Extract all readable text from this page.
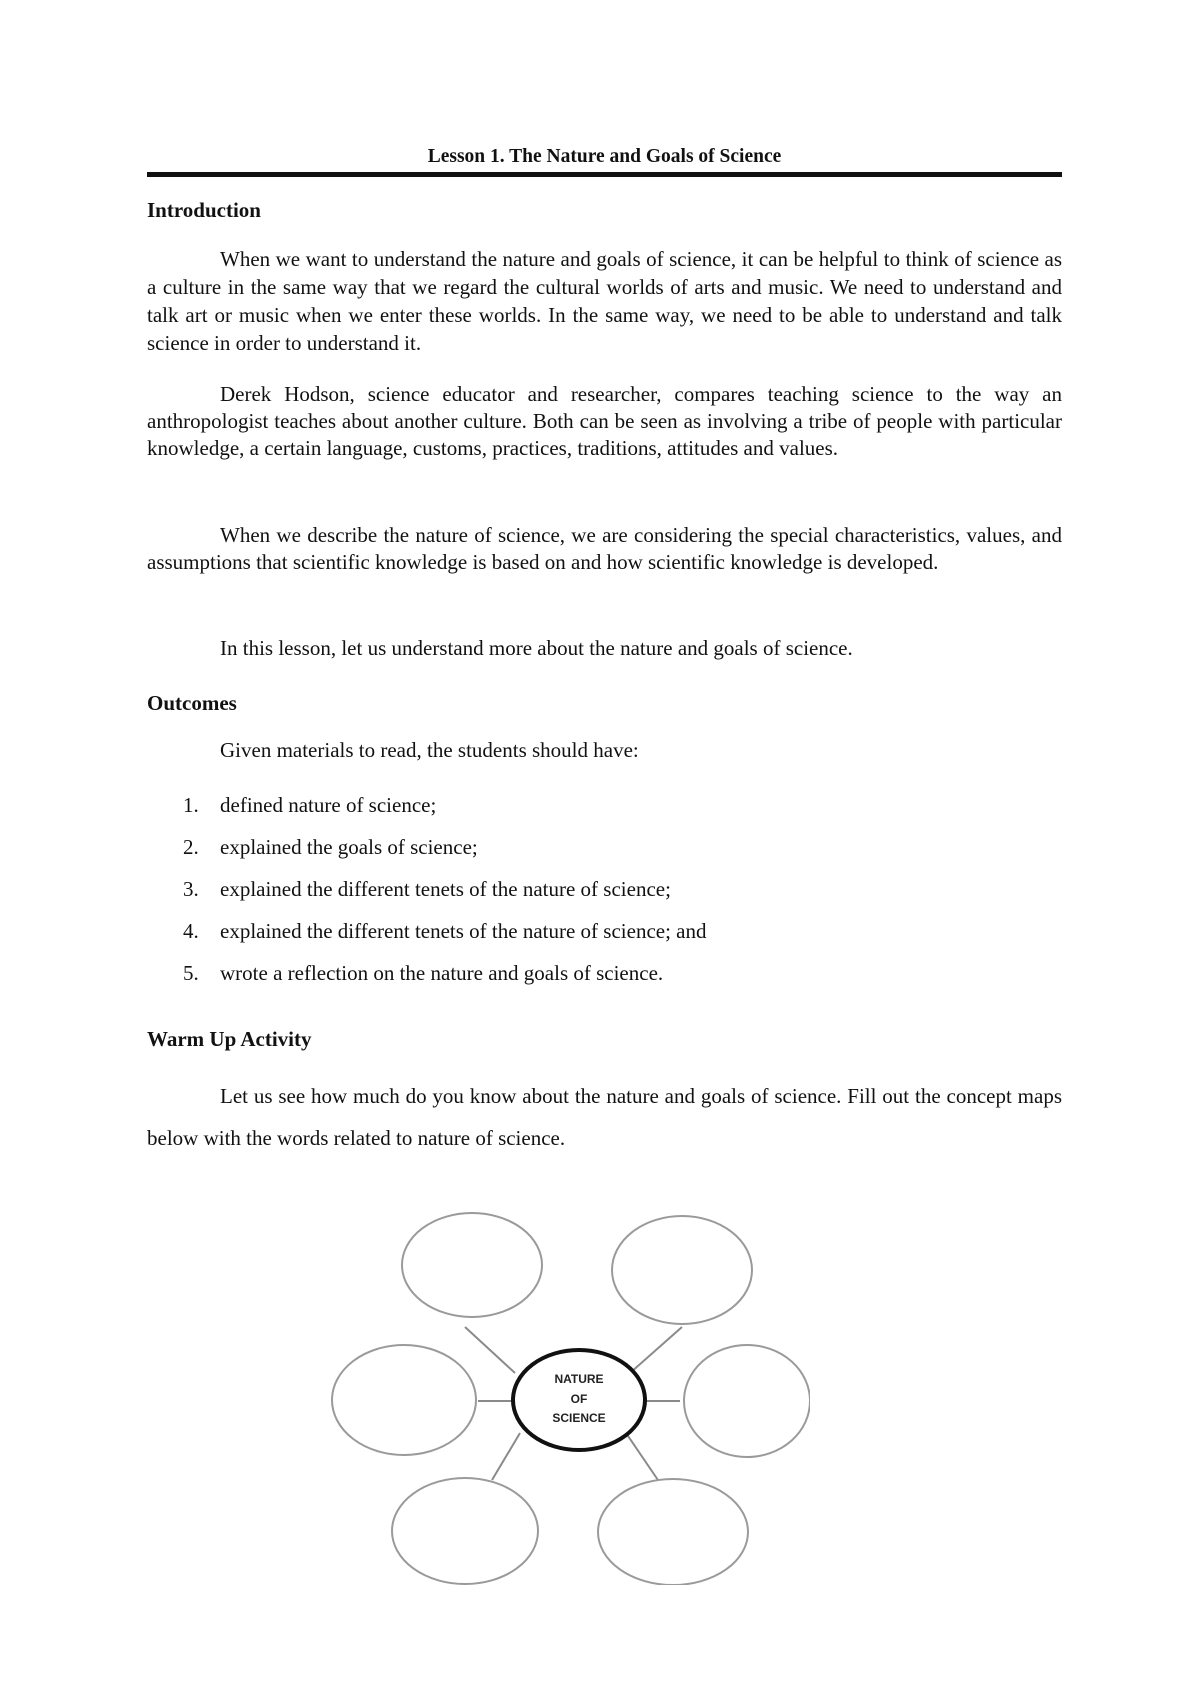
Lesson 1. The Nature and Goals of Science
Introduction

When we want to understand the nature and goals of science, it can be helpful to think of science as a culture in the same way that we regard the cultural worlds of arts and music. We need to understand and talk art or music when we enter these worlds. In the same way, we need to be able to understand and talk science in order to understand it.

Derek Hodson, science educator and researcher, compares teaching science to the way an anthropologist teaches about another culture. Both can be seen as involving a tribe of people with particular knowledge, a certain language, customs, practices, traditions, attitudes and values.

When we describe the nature of science, we are considering the special characteristics, values, and assumptions that scientific knowledge is based on and how scientific knowledge is developed.

In this lesson, let us understand more about the nature and goals of science.

Outcomes

Given materials to read, the students should have:

1.	defined nature of science;
2.	explained the goals of science;
3.	explained the different tenets of the nature of science;
4.	explained the different tenets of the nature of science; and
5.	wrote a reflection on the nature and goals of science.
Warm Up Activity

Let us see how much do you know about the nature and goals of science. Fill out the concept maps below with the words related to nature of science.

NATURE
OF
SCIENCE
